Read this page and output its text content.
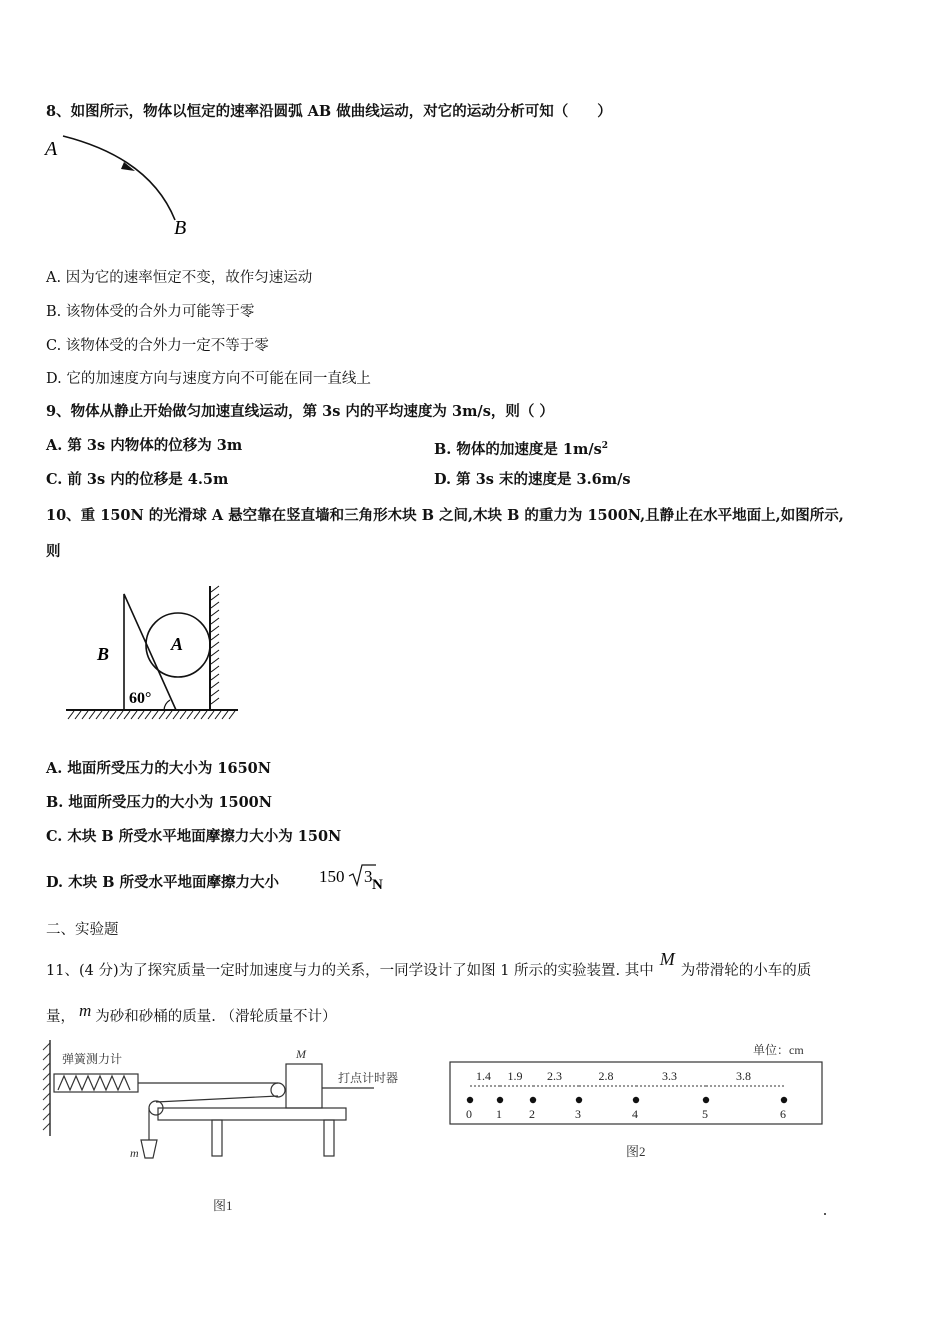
8、如图所示，物体以恒定的速率沿圆弧 AB 做曲线运动，对它的运动分析可知（　　）
A
B
A. 因为它的速率恒定不变，故作匀速运动
B. 该物体受的合外力可能等于零
C. 该物体受的合外力一定不等于零
D. 它的加速度方向与速度方向不可能在同一直线上
9、物体从静止开始做匀加速直线运动，第 3s 内的平均速度为 3m/s，则（ ）
A. 第 3s 内物体的位移为 3m	B. 物体的加速度是 $1m/s^2$
C. 前 3s 内的位移是 4.5m	D. 第 3s 末的速度是 3.6m/s
10、重 150N 的光滑球 A 悬空靠在竖直墙和三角形木块 B 之间,木块 B 的重力为 1500N,且静止在水平地面上,如图所示,
则
B	A
60°
A. 地面所受压力的大小为 1650N
B. 地面所受压力的大小为 1500N
C. 木块 B 所受水平地面摩擦力大小为 150N
D. 木块 B 所受水平地面摩擦力大小 150 3 N
二、实验题
11、(4 分)为了探究质量一定时加速度与力的关系，一同学设计了如图 1 所示的实验装置. 其中M为带滑轮的小车的质
量， m 为砂和砂桶的质量. （滑轮质量不计）
弹簧测力计	M
打点计时器
m
图1
单位：cm
0 1 2	3	4	5	6
1.4 1.9 2.3	2.8	3.3	3.8
图2
